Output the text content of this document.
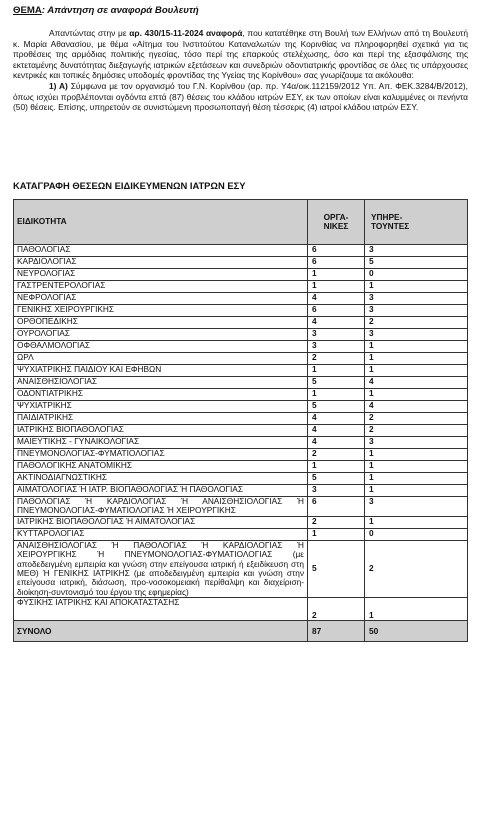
ΘΕΜΑ: Απάντηση σε αναφορά Βουλευτή

Απαντώντας στην με αρ. 430/15-11-2024 αναφορά, που κατατέθηκε στη Βουλή των Ελλήνων από τη Βουλευτή κ. Μαρία Αθανασίου, με θέμα «Αίτημα του Ινστιτούτου Καταναλωτών της Κορινθίας να πληροφορηθεί σχετικά για τις προθέσεις της αρμόδιας πολιτικής ηγεσίας, τόσο περί της επαρκούς στελέχωσης, όσο και περί της εξασφάλισης της εκτεταμένης δυνατότητας διεξαγωγής ιατρικών εξετάσεων και συνεδριών οδοντιατρικής φροντίδας σε όλες τις υπάρχουσες κεντρικές και τοπικές δημόσιες υποδομές φροντίδας της Υγείας της Κορίνθου» σας γνωρίζουμε τα ακόλουθα:

1) Α) Σύμφωνα με τον οργανισμό του Γ.Ν. Κορίνθου (αρ. πρ. Υ4α/οικ.112159/2012 Υπ. Απ. ΦΕΚ.3284/Β/2012), όπως ισχύει προβλέπονται ογδόντα επτά (87) θέσεις του κλάδου ιατρών ΕΣΥ, εκ των οποίων είναι καλυμμένες οι πενήντα (50) θέσεις. Επίσης, υπηρετούν σε συνιστώμενη προσωποπαγή θέση τέσσερις (4) ιατροί κλάδου ιατρών ΕΣΥ.

ΚΑΤΑΓΡΑΦΗ ΘΕΣΕΩΝ ΕΙΔΙΚΕΥΜΕΝΩΝ ΙΑΤΡΩΝ ΕΣΥ
ΕΙΔΙΚΟΤΗΤΑ	ΟΡΓΑ-
ΝΙΚΕΣ	ΥΠΗΡΕ-
ΤΟΥΝΤΕΣ
ΠΑΘΟΛΟΓΙΑΣ	6	3
ΚΑΡΔΙΟΛΟΓΙΑΣ	6	5
ΝΕΥΡΟΛΟΓΙΑΣ	1	0
ΓΑΣΤΡΕΝΤΕΡΟΛΟΓΙΑΣ	1	1
ΝΕΦΡΟΛΟΓΙΑΣ	4	3
ΓΕΝΙΚΗΣ ΧΕΙΡΟΥΡΓΙΚΗΣ	6	3
ΟΡΘΟΠΕΔΙΚΗΣ	4	2
ΟΥΡΟΛΟΓΙΑΣ	3	3
ΟΦΘΑΛΜΟΛΟΓΙΑΣ	3	1
ΩΡΛ	2	1
ΨΥΧΙΑΤΡΙΚΗΣ ΠΑΙΔΙΟΥ ΚΑΙ ΕΦΗΒΩΝ	1	1
ΑΝΑΙΣΘΗΣΙΟΛΟΓΙΑΣ	5	4
ΟΔΟΝΤΙΑΤΡΙΚΗΣ	1	1
ΨΥΧΙΑΤΡΙΚΗΣ	5	4
ΠΑΙΔΙΑΤΡΙΚΗΣ	4	2
ΙΑΤΡΙΚΗΣ ΒΙΟΠΑΘΟΛΟΓΙΑΣ	4	2
ΜΑΙΕΥΤΙΚΗΣ - ΓΥΝΑΙΚΟΛΟΓΙΑΣ	4	3
ΠΝΕΥΜΟΝΟΛΟΓΙΑΣ-ΦΥΜΑΤΙΟΛΟΓΙΑΣ	2	1
ΠΑΘΟΛΟΓΙΚΗΣ ΑΝΑΤΟΜΙΚΗΣ	1	1
ΑΚΤΙΝΟΔΙΑΓΝΩΣΤΙΚΗΣ	5	1
ΑΙΜΑΤΟΛΟΓΙΑΣ Ή ΙΑΤΡ. ΒΙΟΠΑΘΟΛΟΓΙΑΣ Ή ΠΑΘΟΛΟΓΙΑΣ	3	1
ΠΑΘΟΛΟΓΙΑΣ Ή ΚΑΡΔΙΟΛΟΓΙΑΣ Ή ΑΝΑΙΣΘΗΣΙΟΛΟΓΙΑΣ Ή ΠΝΕΥΜΟΝΟΛΟΓΙΑΣ-ΦΥΜΑΤΙΟΛΟΓΙΑΣ Ή ΧΕΙΡΟΥΡΓΙΚΗΣ	6	3
ΙΑΤΡΙΚΗΣ ΒΙΟΠΑΘΟΛΟΓΙΑΣ Ή ΑΙΜΑΤΟΛΟΓΙΑΣ	2	1
ΚΥΤΤΑΡΟΛΟΓΙΑΣ	1	0
ΑΝΑΙΣΘΗΣΙΟΛΟΓΙΑΣ Ή ΠΑΘΟΛΟΓΙΑΣ Ή ΚΑΡΔΙΟΛΟΓΙΑΣ Ή ΧΕΙΡΟΥΡΓΙΚΗΣ Ή ΠΝΕΥΜΟΝΟΛΟΓΙΑΣ-ΦΥΜΑΤΙΟΛΟΓΙΑΣ (με αποδεδειγμένη εμπειρία και γνώση στην επείγουσα ιατρική ή εξειδίκευση στη ΜΕΘ) Ή ΓΕΝΙΚΗΣ ΙΑΤΡΙΚΗΣ (με αποδεδειγμένη εμπειρία και γνώση στην επείγουσα ιατρική, διάσωση, προ-νοσοκομειακή περίθαλψη και διαχείριση-διοίκηση-συντονισμό του έργου της εφημερίας)	5	2
ΦΥΣΙΚΗΣ ΙΑΤΡΙΚΗΣ ΚΑΙ ΑΠΟΚΑΤΑΣΤΑΣΗΣ	2	1
ΣΥΝΟΛΟ	87	50
